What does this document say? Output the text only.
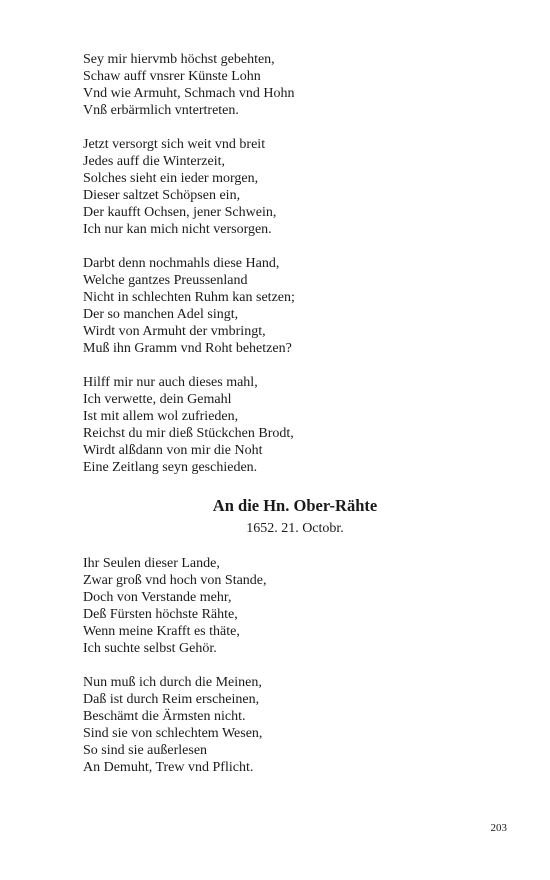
Sey mir hiervmb höchst gebehten,
Schaw auff vnsrer Künste Lohn
Vnd wie Armuht, Schmach vnd Hohn
Vnß erbärmlich vntertreten.
Jetzt versorgt sich weit vnd breit
Jedes auff die Winterzeit,
Solches sieht ein ieder morgen,
Dieser saltzet Schöpsen ein,
Der kaufft Ochsen, jener Schwein,
Ich nur kan mich nicht versorgen.
Darbt denn nochmahls diese Hand,
Welche gantzes Preussenland
Nicht in schlechten Ruhm kan setzen;
Der so manchen Adel singt,
Wirdt von Armuht der vmbringt,
Muß ihn Gramm vnd Roht behetzen?
Hilff mir nur auch dieses mahl,
Ich verwette, dein Gemahl
Ist mit allem wol zufrieden,
Reichst du mir dieß Stückchen Brodt,
Wirdt alßdann von mir die Noht
Eine Zeitlang seyn geschieden.
An die Hn. Ober-Rähte
1652. 21. Octobr.
Ihr Seulen dieser Lande,
Zwar groß vnd hoch von Stande,
Doch von Verstande mehr,
Deß Fürsten höchste Rähte,
Wenn meine Krafft es thäte,
Ich suchte selbst Gehör.
Nun muß ich durch die Meinen,
Daß ist durch Reim erscheinen,
Beschämt die Ärmsten nicht.
Sind sie von schlechtem Wesen,
So sind sie außerlesen
An Demuht, Trew vnd Pflicht.
203
